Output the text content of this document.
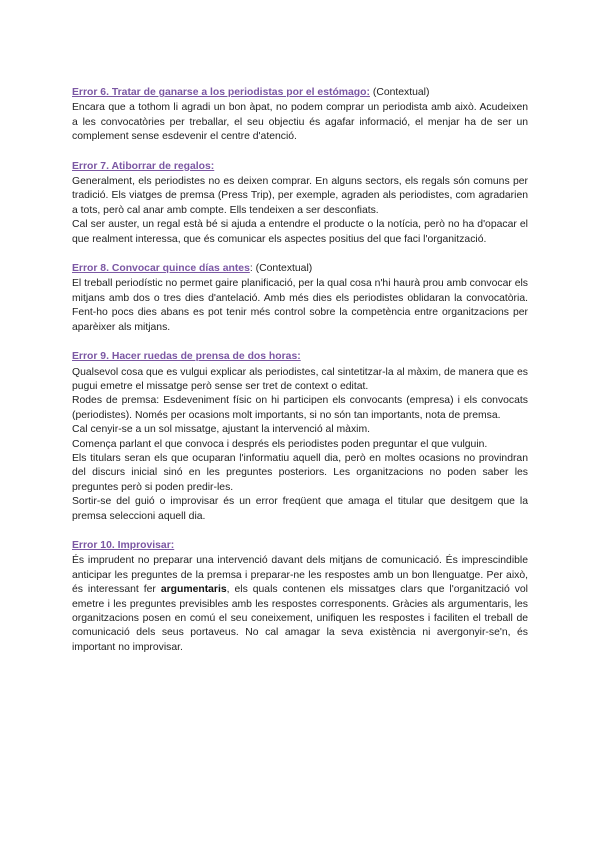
Error 6. Tratar de ganarse a los periodistas por el estómago: (Contextual)

Encara que a tothom li agradi un bon àpat, no podem comprar un periodista amb això. Acudeixen a les convocatòries per treballar, el seu objectiu és agafar informació, el menjar ha de ser un complement sense esdevenir el centre d'atenció.

Error 7. Atiborrar de regalos:

Generalment, els periodistes no es deixen comprar. En alguns sectors, els regals són comuns per tradició. Els viatges de premsa (Press Trip), per exemple, agraden als periodistes, com agradarien a tots, però cal anar amb compte. Ells tendeixen a ser desconfiats.

Cal ser auster, un regal està bé si ajuda a entendre el producte o la notícia, però no ha d'opacar el que realment interessa, que és comunicar els aspectes positius del que faci l'organització.

Error 8. Convocar quince días antes: (Contextual)

El treball periodístic no permet gaire planificació, per la qual cosa n'hi haurà prou amb convocar els mitjans amb dos o tres dies d'antelació. Amb més dies els periodistes oblidaran la convocatòria. Fent-ho pocs dies abans es pot tenir més control sobre la competència entre organitzacions per aparèixer als mitjans.

Error 9. Hacer ruedas de prensa de dos horas:

Qualsevol cosa que es vulgui explicar als periodistes, cal sintetitzar-la al màxim, de manera que es pugui emetre el missatge però sense ser tret de context o editat.

Rodes de premsa: Esdeveniment físic on hi participen els convocants (empresa) i els convocats (periodistes). Només per ocasions molt importants, si no són tan importants, nota de premsa.

Cal cenyir-se a un sol missatge, ajustant la intervenció al màxim.

Comença parlant el que convoca i després els periodistes poden preguntar el que vulguin.

Els titulars seran els que ocuparan l'informatiu aquell dia, però en moltes ocasions no provindran del discurs inicial sinó en les preguntes posteriors. Les organitzacions no poden saber les preguntes però si poden predir-les.

Sortir-se del guió o improvisar és un error freqüent que amaga el titular que desitgem que la premsa seleccioni aquell dia.

Error 10. Improvisar:

És imprudent no preparar una intervenció davant dels mitjans de comunicació. És imprescindible anticipar les preguntes de la premsa i preparar-ne les respostes amb un bon llenguatge. Per això, és interessant fer argumentaris, els quals contenen els missatges clars que l'organització vol emetre i les preguntes previsibles amb les respostes corresponents. Gràcies als argumentaris, les organitzacions posen en comú el seu coneixement, unifiquen les respostes i faciliten el treball de comunicació dels seus portaveus. No cal amagar la seva existència ni avergonyir-se'n, és important no improvisar.
